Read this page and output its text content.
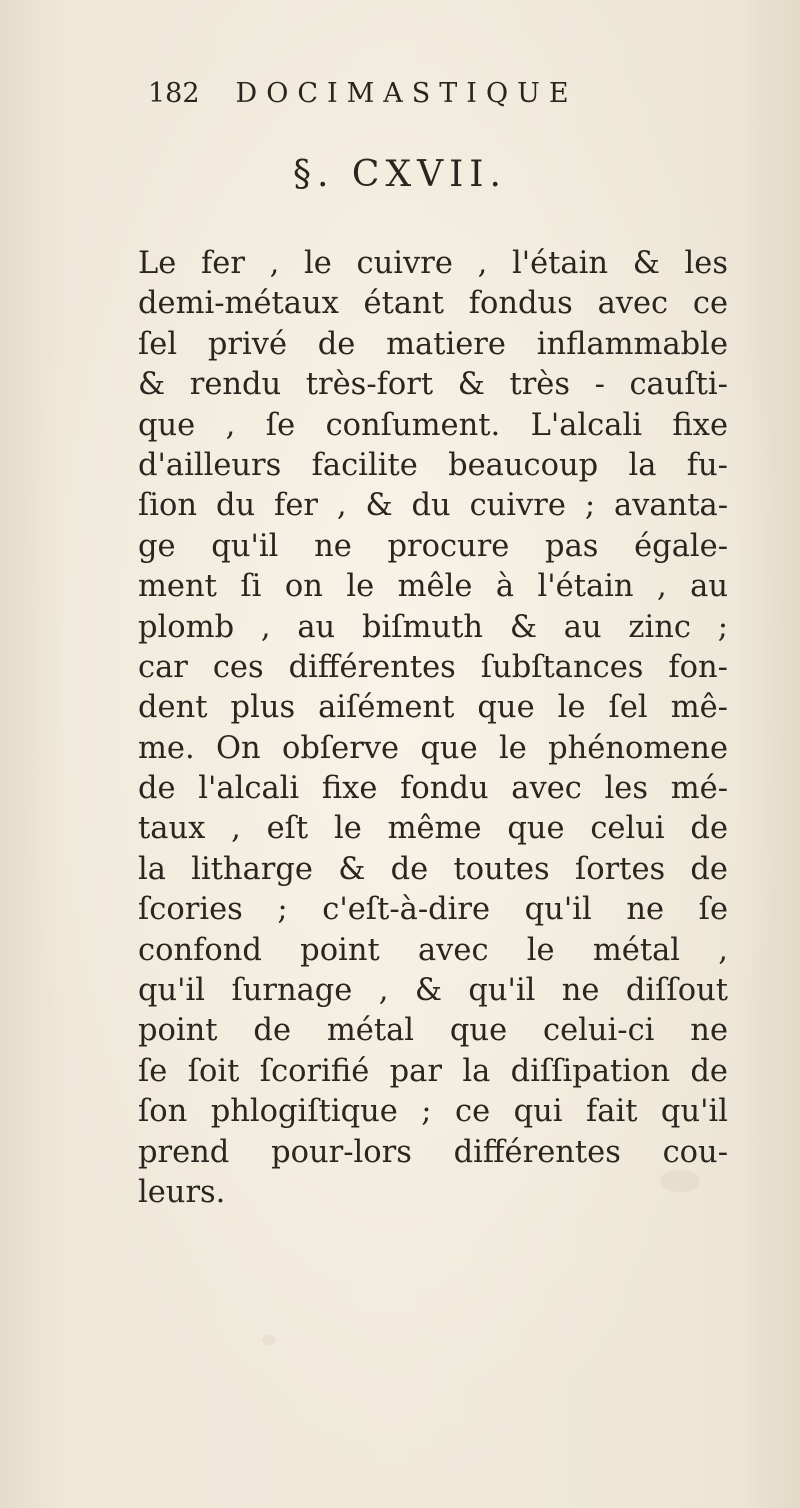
182 DOCIMASTIQUE
§. CXVII.
Le fer , le cuivre , l'étain & les
demi-métaux étant fondus avec ce
ſel privé de matiere inflammable
& rendu très-fort & très - cauſti-
que , ſe conſument. L'alcali fixe
d'ailleurs facilite beaucoup la fu-
ſion du fer , & du cuivre ; avanta-
ge qu'il ne procure pas égale-
ment ſi on le mêle à l'étain , au
plomb , au biſmuth & au zinc ;
car ces différentes ſubſtances fon-
dent plus aiſément que le ſel mê-
me. On obſerve que le phénomene
de l'alcali fixe fondu avec les mé-
taux , eſt le même que celui de
la litharge & de toutes ſortes de
ſcories ; c'eſt-à-dire qu'il ne ſe
confond point avec le métal ,
qu'il ſurnage , & qu'il ne diſſout
point de métal que celui-ci ne
ſe ſoit ſcorifié par la diſſipation de
ſon phlogiſtique ; ce qui fait qu'il
prend pour-lors différentes cou-
leurs.
